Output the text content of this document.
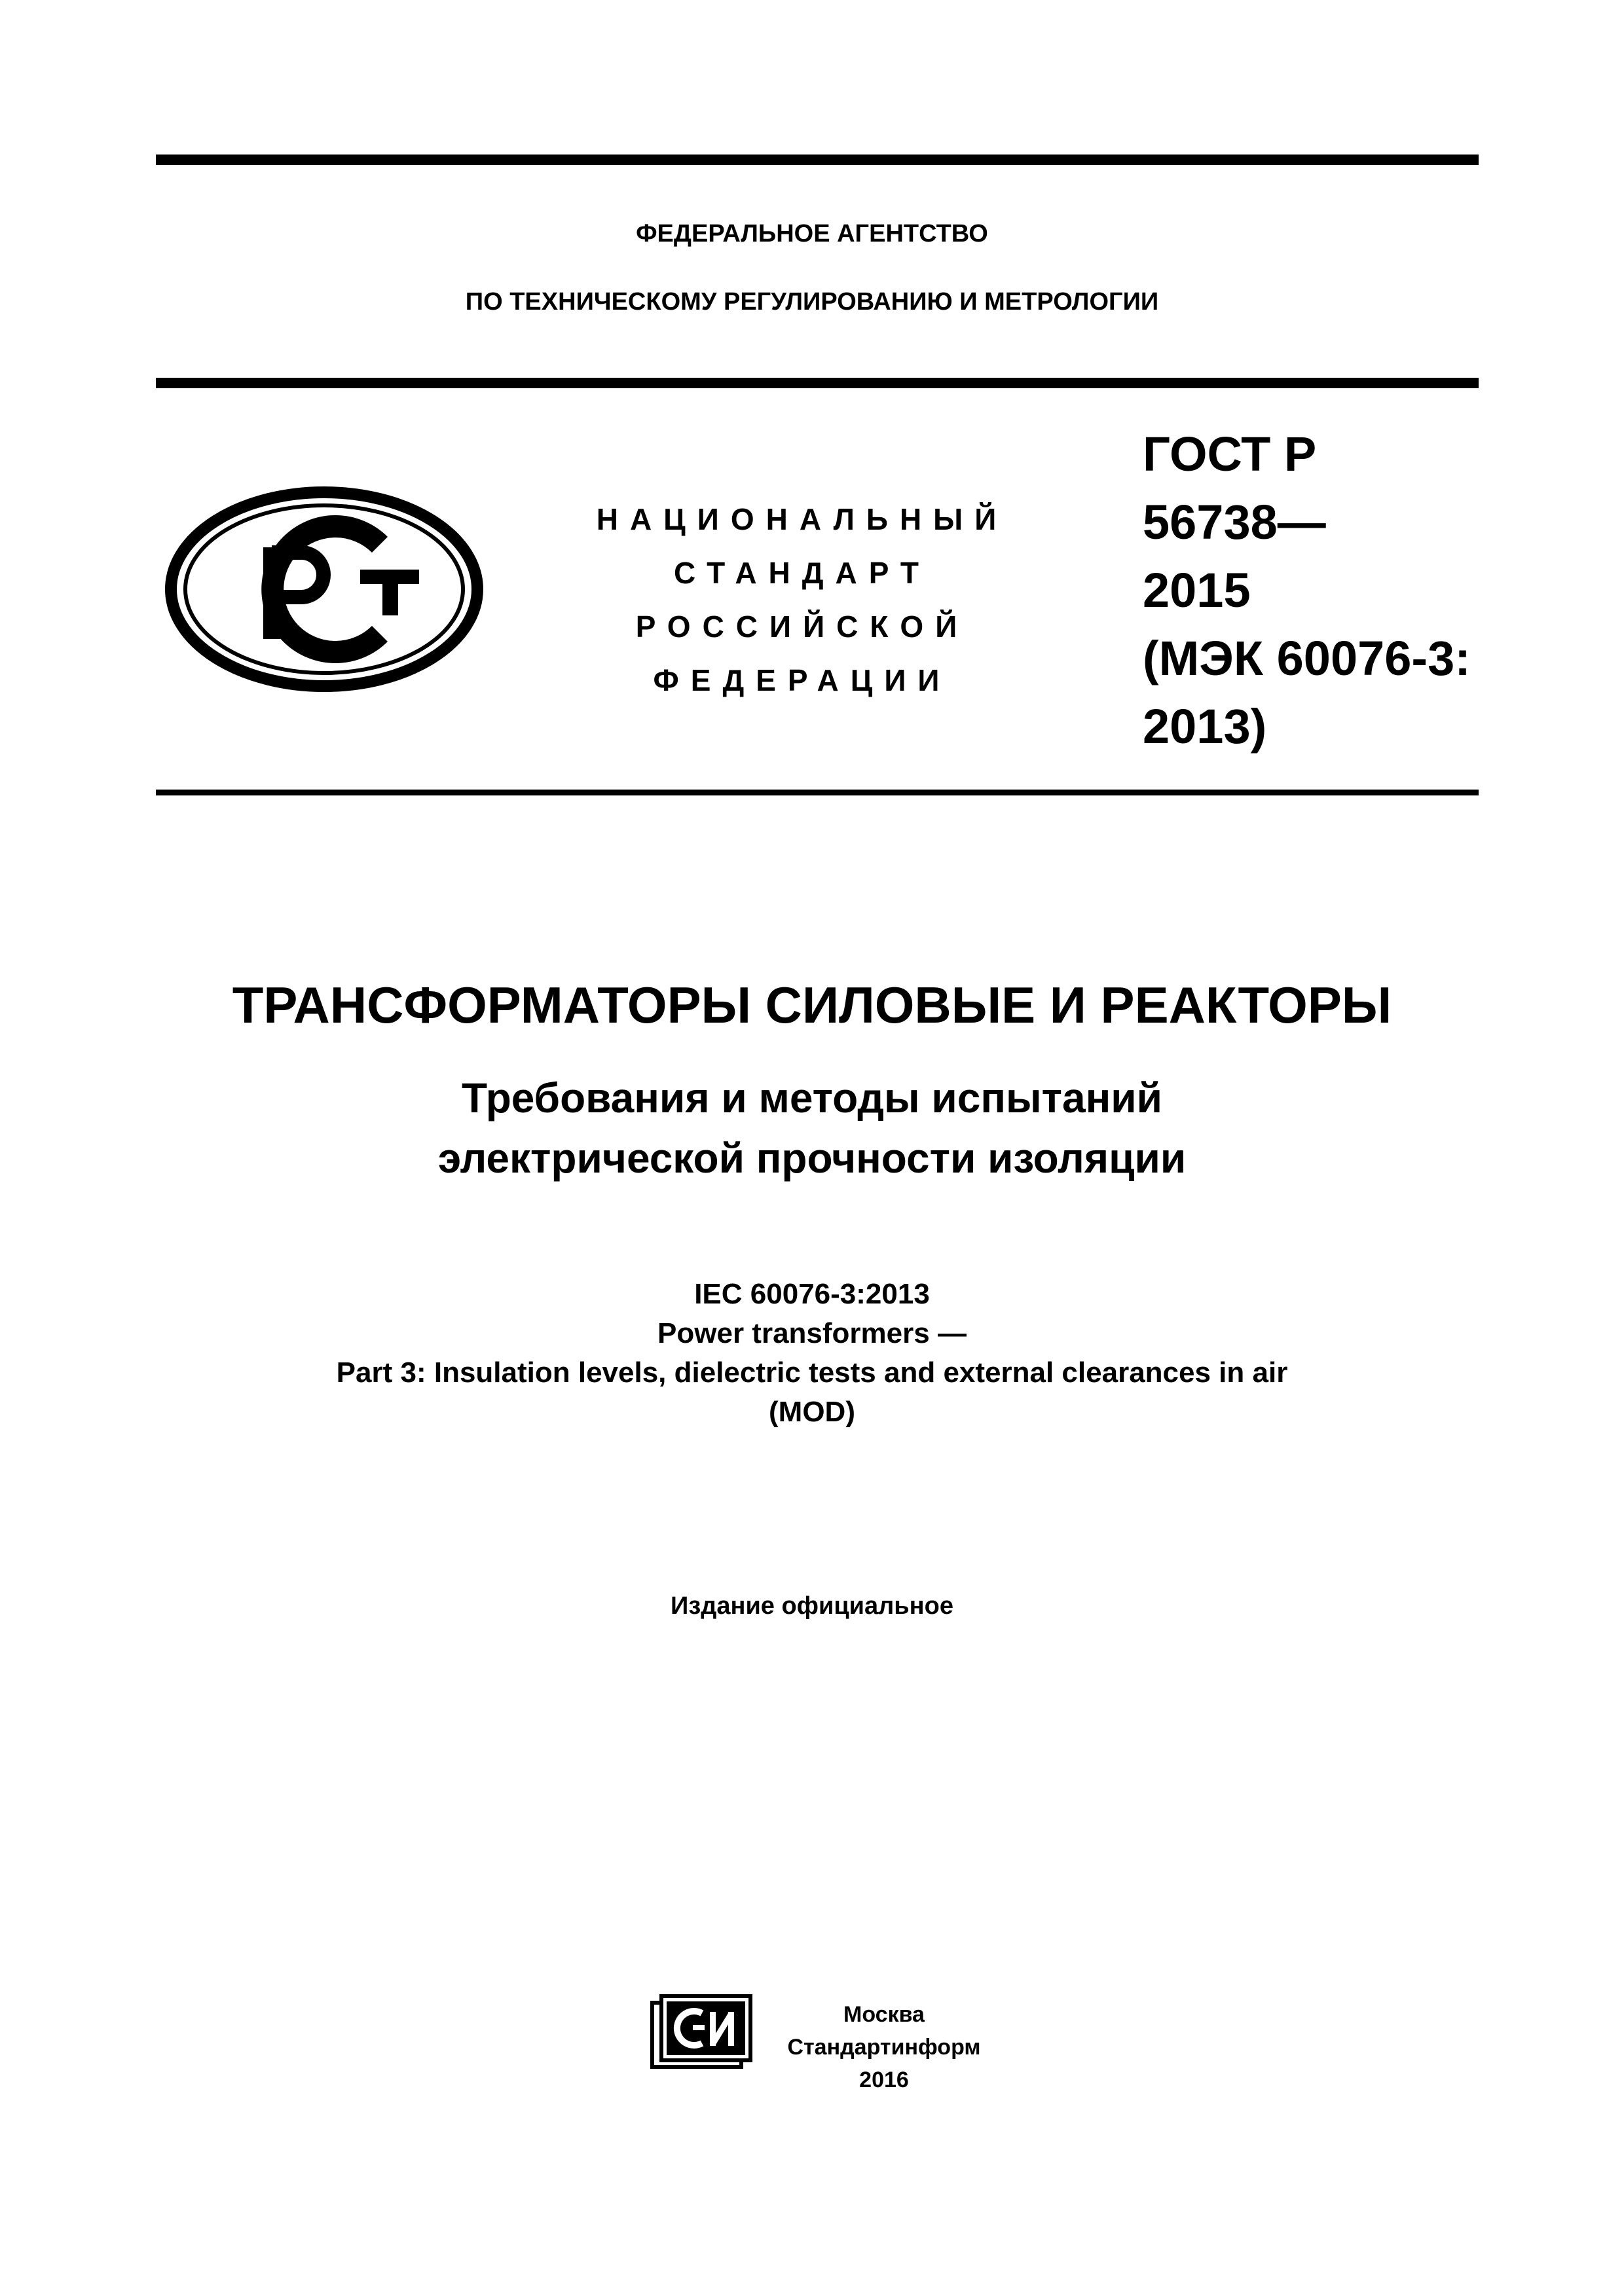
ФЕДЕРАЛЬНОЕ АГЕНТСТВО
ПО ТЕХНИЧЕСКОМУ РЕГУЛИРОВАНИЮ И МЕТРОЛОГИИ
НАЦИОНАЛЬНЫЙ
СТАНДАРТ
РОССИЙСКОЙ
ФЕДЕРАЦИИ
ГОСТ Р
56738—
2015
(МЭК 60076-3:
2013)
ТРАНСФОРМАТОРЫ СИЛОВЫЕ И РЕАКТОРЫ
Требования и методы испытаний
электрической прочности изоляции
IEC 60076-3:2013
Power transformers —
Part 3: Insulation levels, dielectric tests and external clearances in air
(MOD)
Издание официальное
Москва
Стандартинформ
2016
